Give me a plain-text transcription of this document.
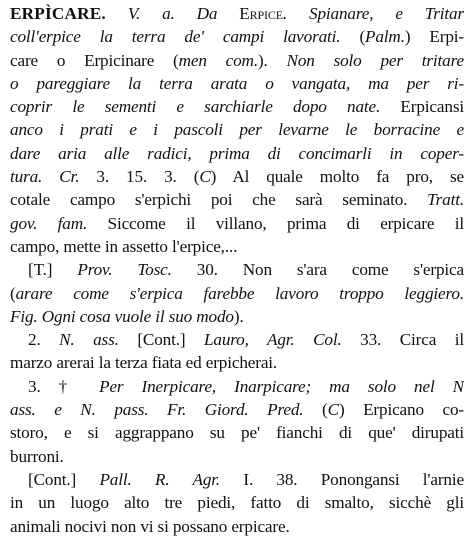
ERPÌCARE. V. a. Da Erpice. Spianare, e Tritar
coll'erpice la terra de' campi lavorati. (Palm.) Erpi-
care o Erpicinare (men com.). Non solo per tritare
o pareggiare la terra arata o vangata, ma per ri-
coprir le sementi e sarchiarle dopo nate. Erpicansi
anco i prati e i pascoli per levarne le borracine e
dare aria alle radici, prima di concimarli in coper-
tura. Cr. 3. 15. 3. (C) Al quale molto fa pro, se
cotale campo s'erpichi poi che sarà seminato. Tratt.
gov. fam. Siccome il villano, prima di erpicare il
campo, mette in assetto l'erpice,...
[T.] Prov. Tosc. 30. Non s'ara come s'erpica
(arare come s'erpica farebbe lavoro troppo leggiero.
Fig. Ogni cosa vuole il suo modo).
2. N. ass. [Cont.] Lauro, Agr. Col. 33. Circa il
marzo arerai la terza fiata ed erpicherai.
3. † Per Inerpicare, Inarpicare; ma solo nel N
ass. e N. pass. Fr. Giord. Pred. (C) Erpicano co-
storo, e si aggrappano su pe' fianchi di que' dirupati
burroni.
[Cont.] Pall. R. Agr. I. 38. Ponongansi l'arnie
in un luogo alto tre piedi, fatto di smalto, sicchè gli
animali nocivi non vi si possano erpicare.
